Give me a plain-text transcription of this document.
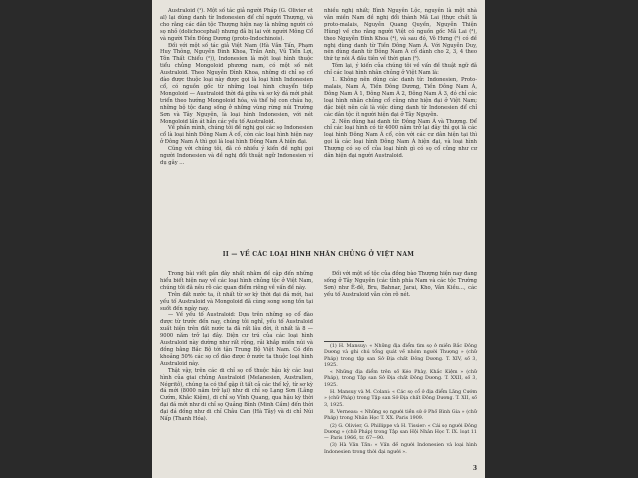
Australoid (¹). Một số tác giả người Pháp (G. Olivier et al) lại dùng danh từ Indonesien để chỉ người Thượng, và cho rằng các dân tộc Thượng hiện nay là những người có sọ nhỏ (dolichocephal) nhưng đã bị lai với người Mông Cổ và người Tiền Đông Dương (proto-Indochinois).

Đối với một số tác giả Việt Nam (Hà Văn Tấn, Phạm Huy Thông, Nguyễn Đình Khoa, Trần Anh, Vũ Tiến Lợi, Tôn Thất Chiểu (²)), Indonesien là một loại hình thuộc tiểu chủng Mongoloid phương nam, có một số nét Australoid. Theo Nguyễn Đình Khoa, những di chỉ sọ cổ đào được thuộc loại này được gọi là loại hình Indonesien cổ, có nguồn gốc từ những loại hình chuyển tiếp Mongoloid — Australoid thời đá giữa và sơ kỳ đá mới phát triển theo hướng Mongoloid hóa, và thể hệ con cháu họ, những bộ tộc đang sống ở những vùng rừng núi Trường Sơn và Tây Nguyên, là loại hình Indonesien, với nét Mongoloid lấn át hẳn các yếu tố Australoid.

Về phần mình, chúng tôi đề nghị gọi các sọ Indonesien cổ là loại hình Đông Nam Á cổ, còn các loại hình hiện nay ở Đông Nam Á thì gọi là loại hình Đông Nam Á hiện đại.

Cũng với chúng tôi, đã có nhiều ý kiến đề nghị gọi người Indonesien và đề nghị đổi thuật ngữ Indonesien ví dụ gây ...

nhiều nghị nhất; Bình Nguyên Lộc, nguyên là một nhà văn miền Nam đề nghị đổi thành Mã Lai (thực chất là proto-malais, Nguyễn Quang Quyền, Nguyễn Thiện Hùng) về cho rằng người Việt có nguồn gốc Mã Lai (³), theo Nguyễn Đình Khoa (⁴), và sau đó, Võ Hưng (⁵) có đề nghị dùng danh từ Tiền Đông Nam Á. Với Nguyễn Duy, nên dùng danh từ Đông Nam Á cổ dành cho 2, 3, 4 theo thứ tự nói Á đầu tiên về thời gian (⁶).

Tóm lại, ý kiến của chúng tôi về vấn đề thuật ngữ đã chỉ các loại hình nhân chủng ở Việt Nam là:

1. Không nên dùng các danh từ: Indonesien, Proto-malais, Nam Á, Tiền Đông Dương, Tiền Đông Nam Á, Đông Nam Á 1, Đông Nam Á 2, Đông Nam Á 3, đó chỉ các loại hình nhân chủng cổ cũng như hiện đại ở Việt Nam; đặc biệt nên cải là việc dùng danh từ Indonesien để chỉ các dân tộc ít người hiện đại ở Tây Nguyên.

2. Nên dùng hai danh từ: Đông Nam Á và Thượng. Để chỉ các loại hình có từ 4000 năm trở lại đây thì gọi là các loại hình Đông Nam Á cổ, còn với các cư dân hiện tại thì gọi là các loại hình Đông Nam Á hiện đại, và loại hình Thượng có sọ cổ của loại hình gì có sọ cổ cũng như cư dân hiện đại người Australoid.

II — VỀ CÁC LOẠI HÌNH NHÂN CHỦNG Ở VIỆT NAM

Trong bài viết gần đây nhất nhằm đề cập đến những hiểu biết hiện nay về các loại hình chủng tộc ở Việt Nam, chúng tôi đã nêu rõ các quan điểm riêng về vấn đề này.

Trên đất nước ta, ít nhất từ sơ kỳ thời đại đá mới, hai yếu tố Australoid và Mongoloid đã cùng song song tồn tại suốt đến ngày nay.

— Về yếu tố Australoid: Dựa trên những sọ cổ đào được từ trước đến nay, chúng tôi nghĩ, yếu tố Australoid xuất hiện trên đất nước ta đã rất lâu đời, ít nhất là 8 — 9000 năm trở lại đây. Diện cư trú của các loại hình Australoid này dường như rất rộng, rải khắp miền núi và đồng bằng Bắc Bộ tới tận Trung Bộ Việt Nam. Có đến khoảng 50% các sọ cổ đào được ở nước ta thuộc loại hình Australoid này.

Thật vậy, trên các di chỉ sọ cổ thuộc hậu kỳ các loại hình của giai chủng Australoid (Melanesien, Australien, Négritô), chúng ta có thể gặp ít tất cả các thế kỷ, từ sơ kỳ đá mới (8000 năm trở lại) như di chỉ sọ Lạng Sơn (Lãng Cướm, Khắc Kiệm), di chỉ sọ Vĩnh Quang, qua hậu kỳ thời đại đá mới như di chỉ sọ Quảng Bình (Minh Cầm) đến thời đại đá đồng như di chỉ Châu Can (Hà Tây) và di chỉ Núi Nấp (Thanh Hóa).

Đối với một số tộc của đồng bào Thượng hiện nay đang sống ở Tây Nguyên (các tỉnh phía Nam và các tộc Trường Sơn) như Ê-đê, Bru, Bahnar, Jarai, Kho, Vân Kiều..., các yếu tố Australoid vẫn còn rõ nét.

(1) H. Mansuy: « Những địa điểm tìm sọ ở miền Bắc Đông Dương và ghi chú tổng quát về nhóm người Thượng » (chữ Pháp) trong tập san Sở Địa chất Đông Dương. T. XIV, số 3, 1925.

« Những địa điểm trên số Kéo Phày, Khắc Kiệm » (chữ Pháp), trong Tập san Sở Địa chất Đông Dương. T. XXII, số 3, 1925.

H. Mansuy và M. Colani: « Các sọ cổ ở địa điểm Lãng Cướm » (chữ Pháp) trong Tập san Sở Địa chất Đông Dương. T. XII, số 3, 1925.

R. Verneau: « Những sọ người tiền sử ở Phố Bình Gia » (chữ Pháp) trong Nhân Học T. XX. Paris 1909.

(2) G. Olivier, G. Phillippe và H. Tissier: « Cái sọ người Đông Dương » (chữ Pháp) trong Tập san Hội Nhân Học T. IX. loạt 11 — Paris 1966, tr. 67—90.

(3) Hà Văn Tấn: « Vấn đề người Indonesien và loại hình Indonesien trong thời đại người ».

3
